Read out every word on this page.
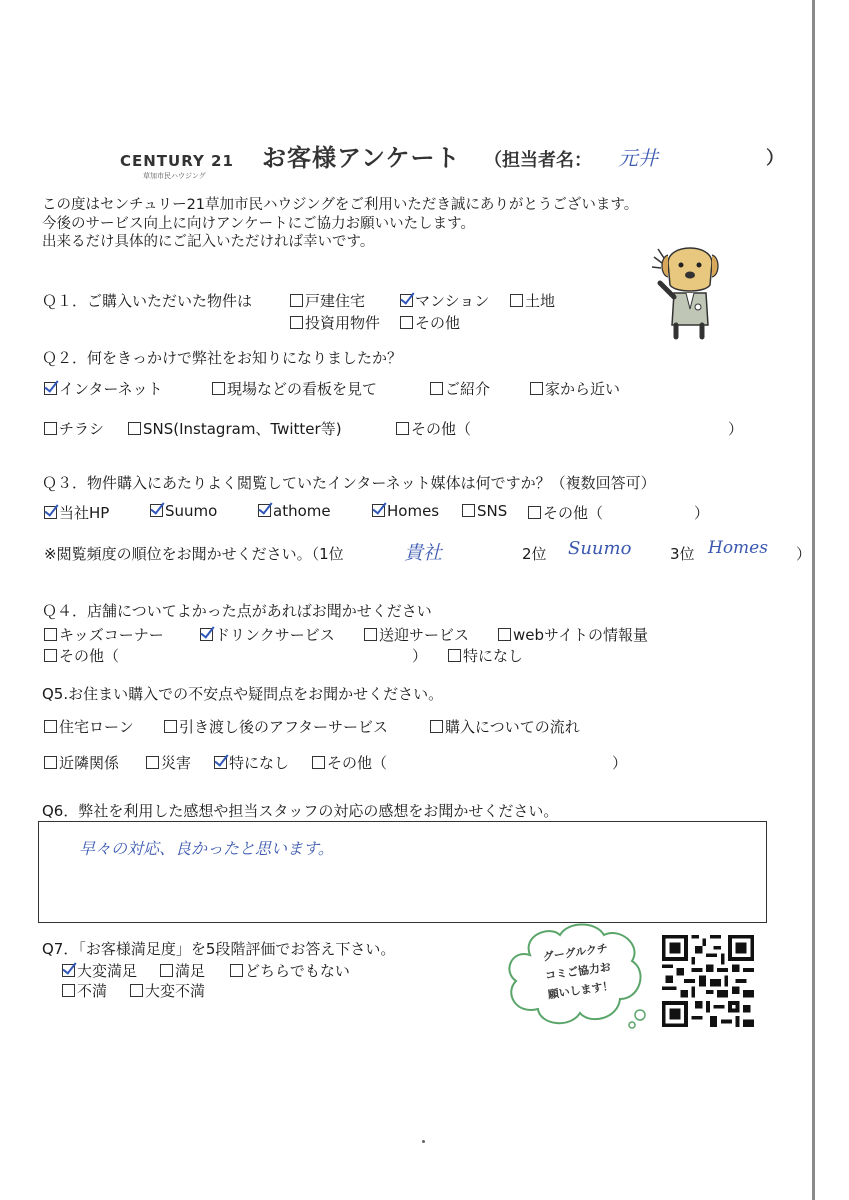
CENTURY 21
草加市民ハウジング
お客様アンケート （担当者名： 元井	）
この度はセンチュリー21草加市民ハウジングをご利用いただき誠にありがとうございます。
今後のサービス向上に向けアンケートにご協力お願いいたします。
出来るだけ具体的にご記入いただければ幸いです。
Ｑ１．ご購入いただいた物件は	戸建住宅	マンション	土地
投資用物件	その他
Ｑ２．何をきっかけで弊社をお知りになりましたか？
インターネット	現場などの看板を見て	ご紹介	家から近い
チラシ	SNS(Instagram、Twitter等)	その他（	）
Ｑ３．物件購入にあたりよく閲覧していたインターネット媒体は何ですか？（複数回答可）
当社HP	Suumo	athome	Homes	SNS	その他（	）
※閲覧頻度の順位をお聞かせください。（1位	貴社	2位 Suumo	3位 Homes ）
Ｑ４．店舗についてよかった点があればお聞かせください
キッズコーナー	ドリンクサービス	送迎サービス	webサイトの情報量
その他（	）	特になし
Q5.お住まい購入での不安点や疑問点をお聞かせください。
住宅ローン	引き渡し後のアフターサービス	購入についての流れ
近隣関係	災害	特になし	その他（	）
Q6．弊社を利用した感想や担当スタッフの対応の感想をお聞かせください。
早々の対応、良かったと思います。
Q7．「お客様満足度」を5段階評価でお答え下さい。
大変満足	満足	どちらでもない
不満	大変不満
グーグルクチ
コミご協力お
願いします！
